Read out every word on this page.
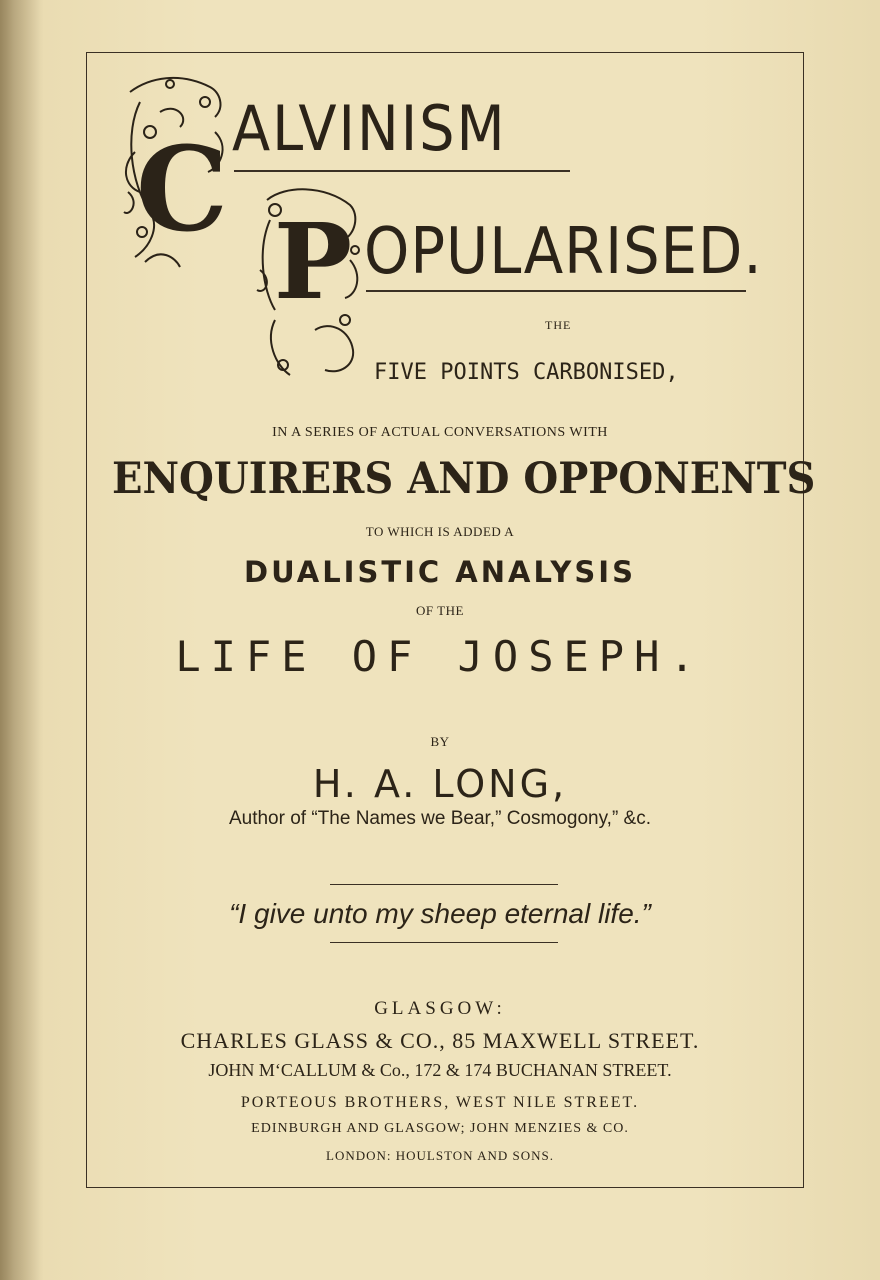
C ALVINISM
P OPULARISED.
THE
FIVE POINTS CARBONISED,
IN A SERIES OF ACTUAL CONVERSATIONS WITH
ENQUIRERS AND OPPONENTS
TO WHICH IS ADDED A
DUALISTIC ANALYSIS
OF THE
LIFE OF JOSEPH.
BY
H. A. LONG,
Author of “The Names we Bear,” Cosmogony,” &c.
“I give unto my sheep eternal life.”
GLASGOW:
CHARLES GLASS & CO., 85 MAXWELL STREET.
JOHN M‘CALLUM & Co., 172 & 174 BUCHANAN STREET.
PORTEOUS BROTHERS, WEST NILE STREET.
EDINBURGH AND GLASGOW; JOHN MENZIES & CO.
LONDON: HOULSTON AND SONS.
